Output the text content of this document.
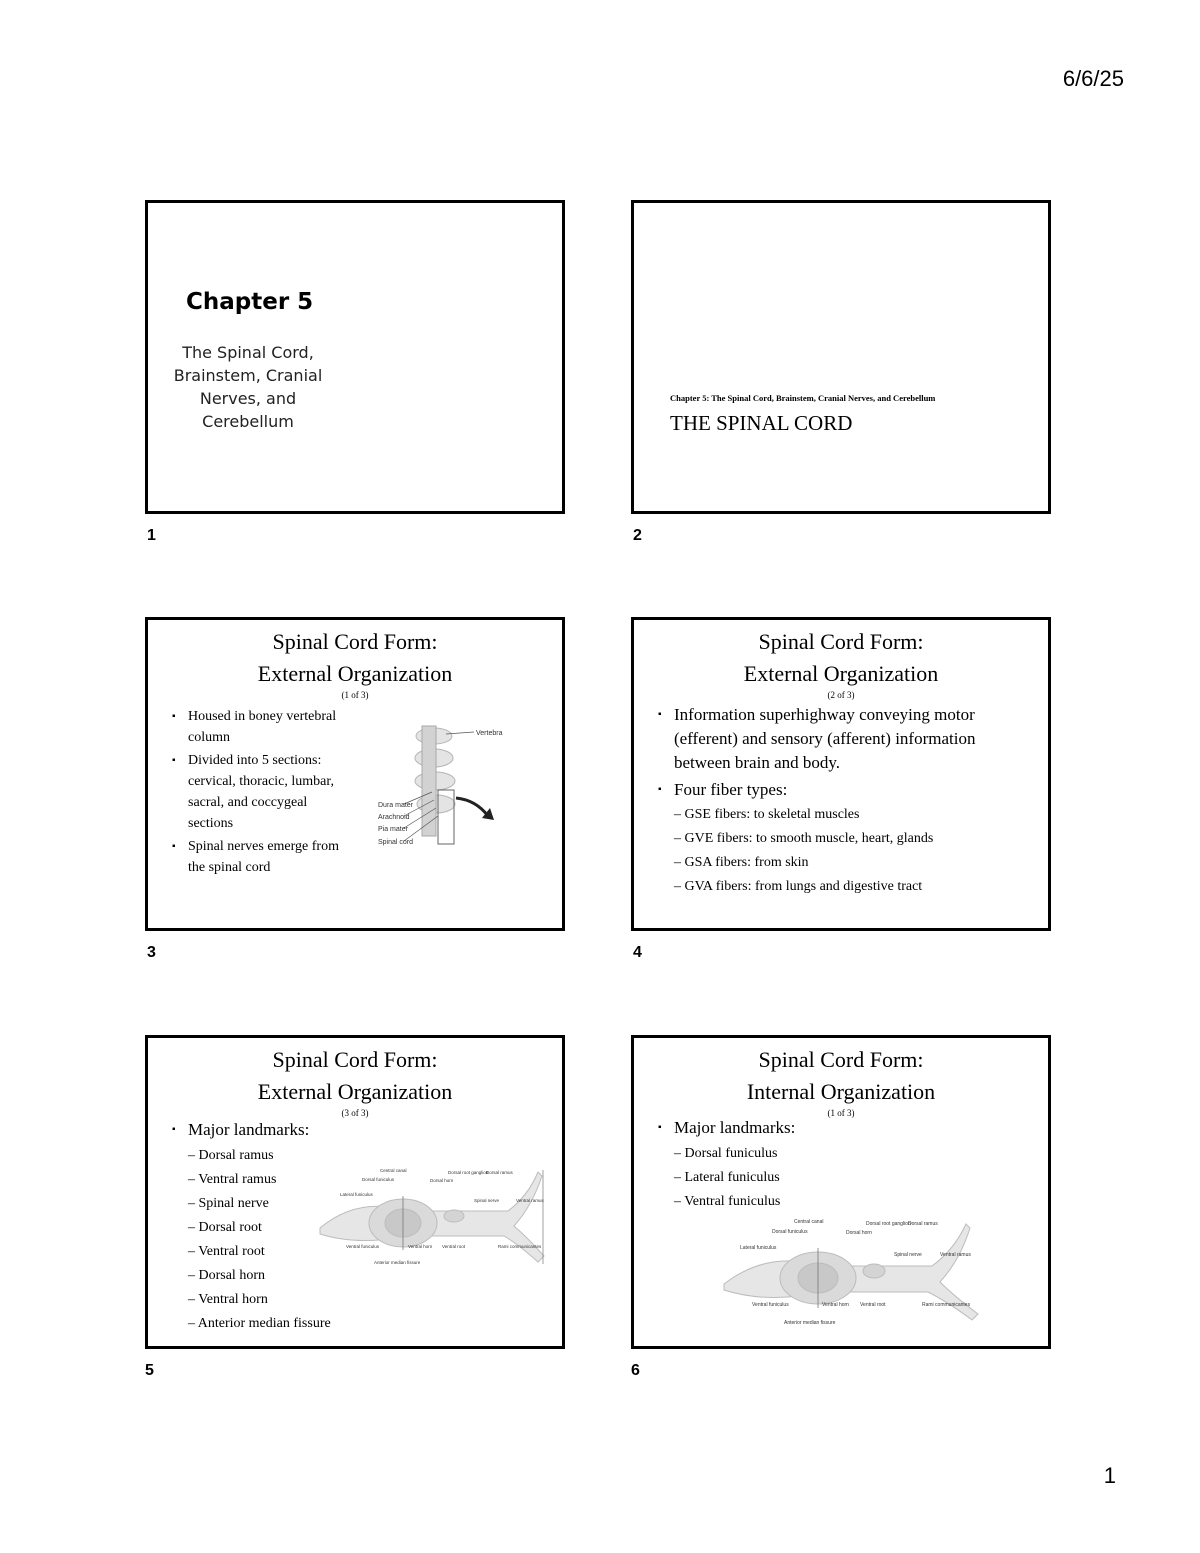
6/6/25
Chapter 5
The Spinal Cord,
Brainstem, Cranial
Nerves, and
Cerebellum
1
Chapter 5: The Spinal Cord, Brainstem, Cranial Nerves, and Cerebellum
THE SPINAL CORD
2
Spinal Cord Form:
External Organization
(1 of 3)
▪ Housed in boney vertebral column
▪ Divided into 5 sections: cervical, thoracic, lumbar, sacral, and coccygeal sections
▪ Spinal nerves emerge from the spinal cord
Vertebra
Dura mater
Arachnoid
Pia mater
Spinal cord
3
Spinal Cord Form:
External Organization
(2 of 3)
▪ Information superhighway conveying motor (efferent) and sensory (afferent) information between brain and body.
▪ Four fiber types:
– GSE fibers: to skeletal muscles
– GVE fibers: to smooth muscle, heart, glands
– GSA fibers: from skin
– GVA fibers: from lungs and digestive tract
4
Spinal Cord Form:
External Organization
(3 of 3)
▪ Major landmarks:
– Dorsal ramus
– Ventral ramus
– Spinal nerve
– Dorsal root
– Ventral root
– Dorsal horn
– Ventral horn
– Anterior median fissure
Central canal
Dorsal funiculus
Lateral funiculus
Dorsal horn
Dorsal root ganglion
Dorsal ramus
Spinal nerve	Ventral ramus
Ventral funiculus	Ventral horn Ventral root	Rami communicantes
Anterior median fissure
5
Spinal Cord Form:
Internal Organization
(1 of 3)
▪ Major landmarks:
– Dorsal funiculus
– Lateral funiculus
– Ventral funiculus
Central canal
Dorsal funiculus
Lateral funiculus
Dorsal horn
Dorsal root ganglion
Dorsal ramus
Spinal nerve	Ventral ramus
Ventral funiculus	Ventral horn Ventral root	Rami communicantes
Anterior median fissure
6
1
